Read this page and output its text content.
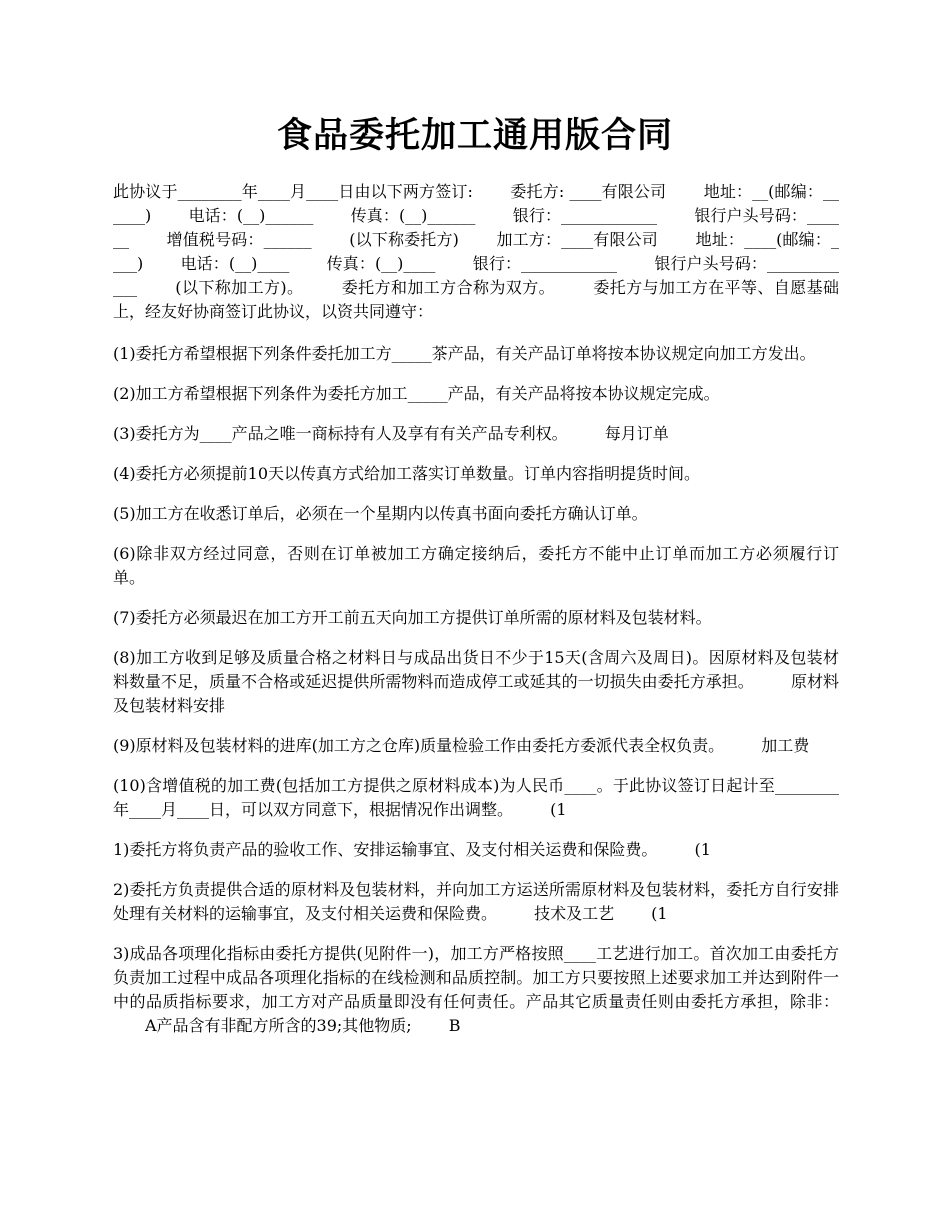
食品委托加工通用版合同

此协议于________年____月____日由以下两方签订: 　　委托方: ____有限公司 　　地址：__(邮编：______) 　　电话：(__)______ 　　传真：(__)______ 　　银行：____________ 　　银行户头号码：______ 　　增值税号码：______ 　　(以下称委托方) 　　加工方：____有限公司 　　地址：____(邮编：____) 　　电话：(__)____ 　　传真：(__)____ 　　银行：____________ 　　银行户头号码：____________ 　　(以下称加工方)。 　　委托方和加工方合称为双方。 　　委托方与加工方在平等、自愿基础上，经友好协商签订此协议，以资共同遵守：

(1)委托方希望根据下列条件委托加工方_____茶产品，有关产品订单将按本协议规定向加工方发出。

(2)加工方希望根据下列条件为委托方加工_____产品，有关产品将按本协议规定完成。

(3)委托方为____产品之唯一商标持有人及享有有关产品专利权。 　　每月订单

(4)委托方必须提前10天以传真方式给加工落实订单数量。订单内容指明提货时间。

(5)加工方在收悉订单后，必须在一个星期内以传真书面向委托方确认订单。

(6)除非双方经过同意，否则在订单被加工方确定接纳后，委托方不能中止订单而加工方必须履行订单。

(7)委托方必须最迟在加工方开工前五天向加工方提供订单所需的原材料及包装材料。

(8)加工方收到足够及质量合格之材料日与成品出货日不少于15天(含周六及周日)。因原材料及包装材料数量不足，质量不合格或延迟提供所需物料而造成停工或延其的一切损失由委托方承担。 　　原材料及包装材料安排

(9)原材料及包装材料的进库(加工方之仓库)质量检验工作由委托方委派代表全权负责。 　　加工费

(10)含增值税的加工费(包括加工方提供之原材料成本)为人民币____。于此协议签订日起计至________年____月____日，可以双方同意下，根据情况作出调整。 　　(1

1)委托方将负责产品的验收工作、安排运输事宜、及支付相关运费和保险费。 　　(1

2)委托方负责提供合适的原材料及包装材料，并向加工方运送所需原材料及包装材料，委托方自行安排处理有关材料的运输事宜，及支付相关运费和保险费。 　　技术及工艺 　　(1

3)成品各项理化指标由委托方提供(见附件一)，加工方严格按照____工艺进行加工。首次加工由委托方负责加工过程中成品各项理化指标的在线检测和品质控制。加工方只要按照上述要求加工并达到附件一中的品质指标要求，加工方对产品质量即没有任何责任。产品其它质量责任则由委托方承担，除非： 　　A产品含有非配方所含的39;其他物质; 　　B
